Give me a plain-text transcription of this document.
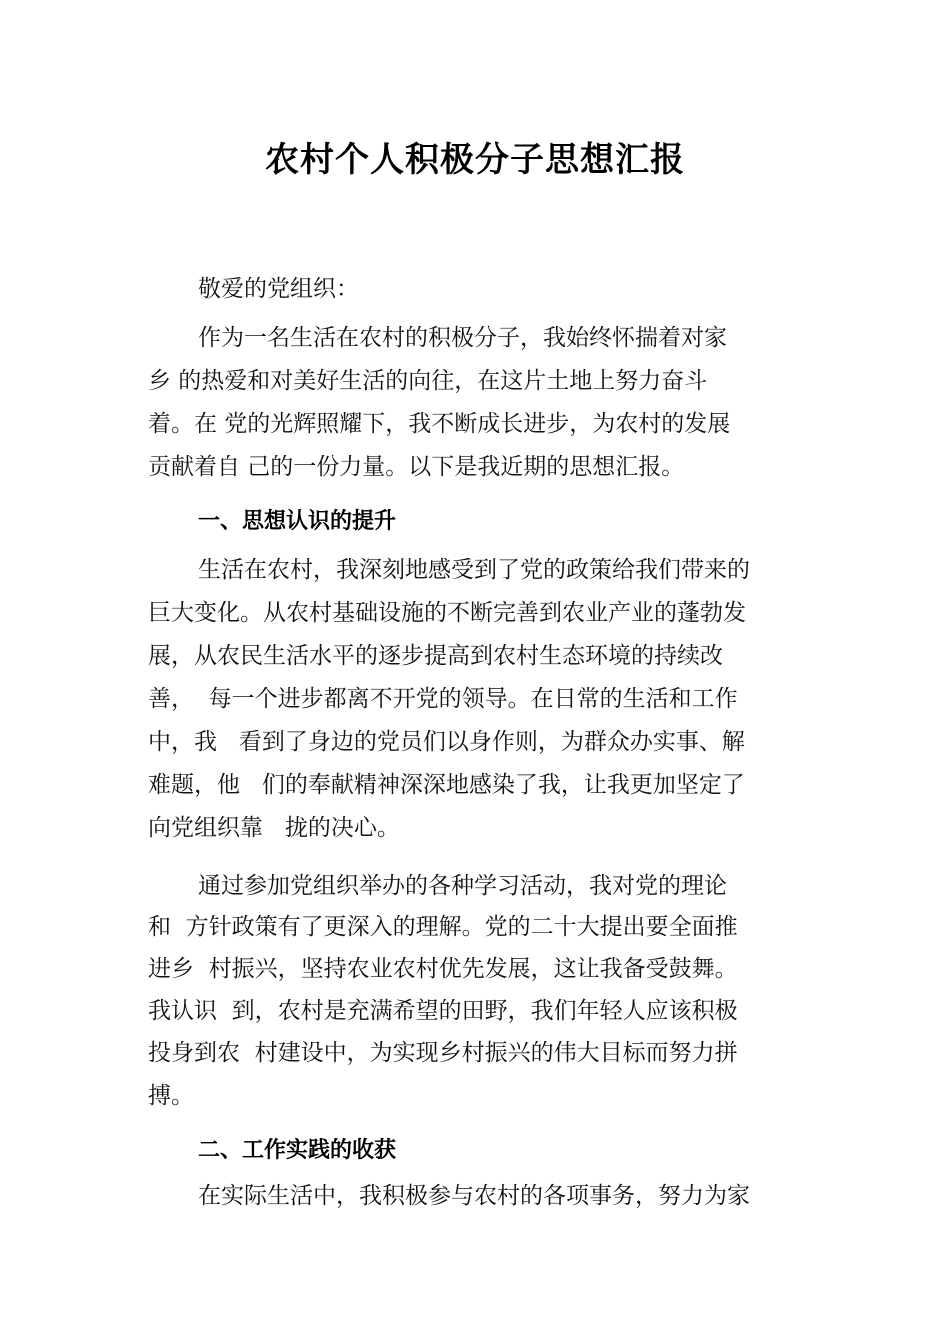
农村个人积极分子思想汇报
敬爱的党组织：
作为一名生活在农村的积极分子，我始终怀揣着对家
乡 的热爱和对美好生活的向往，在这片土地上努力奋斗
着。在 党的光辉照耀下，我不断成长进步，为农村的发展
贡献着自 己的一份力量。以下是我近期的思想汇报。
一、思想认识的提升
生活在农村，我深刻地感受到了党的政策给我们带来的
巨大变化。从农村基础设施的不断完善到农业产业的蓬勃发
展，从农民生活水平的逐步提高到农村生态环境的持续改
善，  每一个进步都离不开党的领导。在日常的生活和工作
中，我   看到了身边的党员们以身作则，为群众办实事、解
难题，他   们的奉献精神深深地感染了我，让我更加坚定了
向党组织靠   拢的决心。
通过参加党组织举办的各种学习活动，我对党的理论
和  方针政策有了更深入的理解。党的二十大提出要全面推
进乡  村振兴，坚持农业农村优先发展，这让我备受鼓舞。
我认识  到，农村是充满希望的田野，我们年轻人应该积极
投身到农  村建设中，为实现乡村振兴的伟大目标而努力拼
搏。
二、工作实践的收获
在实际生活中，我积极参与农村的各项事务，努力为家
